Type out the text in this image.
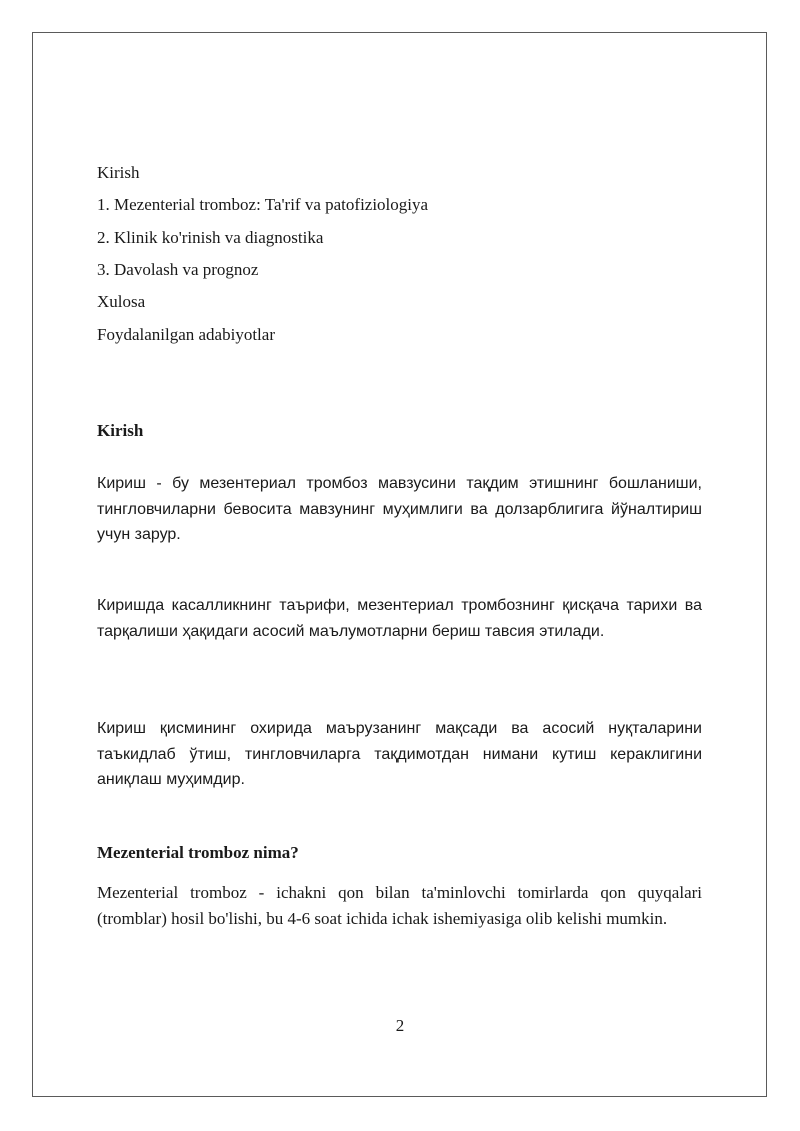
Kirish
1. Mezenterial tromboz: Ta'rif va patofiziologiya
2. Klinik ko'rinish va diagnostika
3. Davolash va prognoz
Xulosa
Foydalanilgan adabiyotlar
Kirish
Кириш - бу мезентериал тромбоз мавзусини тақдим этишнинг бошланиши, тингловчиларни бевосита мавзунинг муҳимлиги ва долзарблигига йўналтириш учун зарур.
Киришда касалликнинг таърифи, мезентериал тромбознинг қисқача тарихи ва тарқалиши ҳақидаги асосий маълумотларни бериш тавсия этилади.
Кириш қисмининг охирида маърузанинг мақсади ва асосий нуқталарини таъкидлаб ўтиш, тингловчиларга тақдимотдан нимани кутиш кераклигини аниқлаш муҳимдир.
Mezenterial tromboz nima?
Mezenterial tromboz - ichakni qon bilan ta'minlovchi tomirlarda qon quyqalari (tromblar) hosil bo'lishi, bu 4-6 soat ichida ichak ishemiyasiga olib kelishi mumkin.
2
